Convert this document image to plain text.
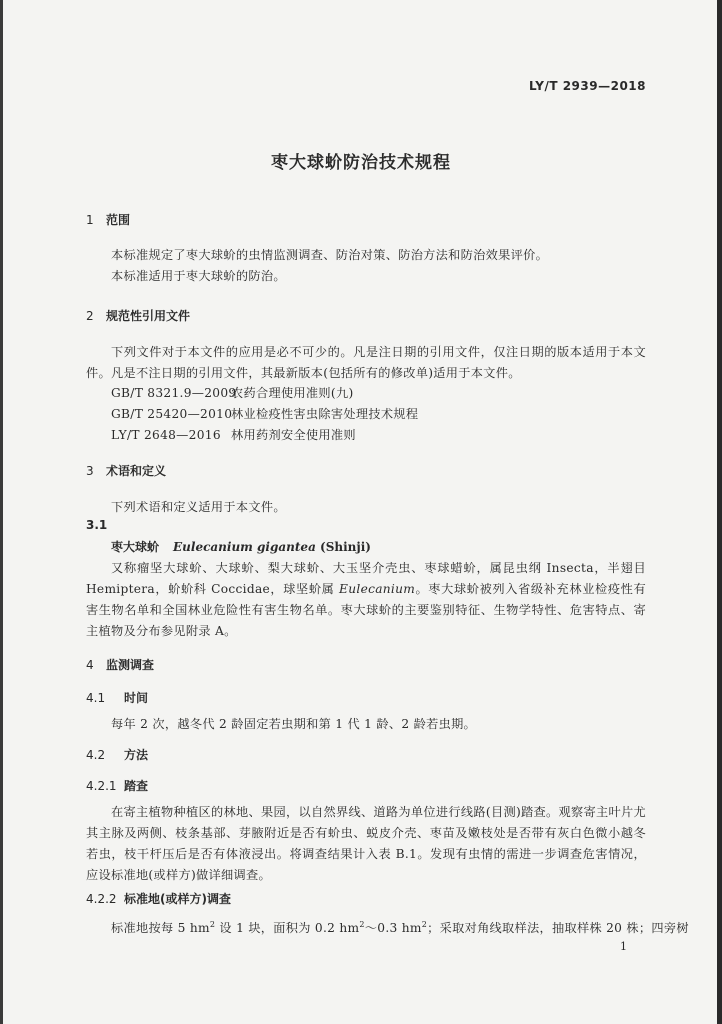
LY/T 2939—2018
枣大球蚧防治技术规程
1 范围

本标准规定了枣大球蚧的虫情监测调查、防治对策、防治方法和防治效果评价。

本标准适用于枣大球蚧的防治。

2 规范性引用文件

下列文件对于本文件的应用是必不可少的。凡是注日期的引用文件，仅注日期的版本适用于本文件。凡是不注日期的引用文件，其最新版本(包括所有的修改单)适用于本文件。

GB/T 8321.9—2009农药合理使用准则(九)
GB/T 25420—2010林业检疫性害虫除害处理技术规程
LY/T 2648—2016 林用药剂安全使用准则
3 术语和定义

下列术语和定义适用于本文件。

3.1
枣大球蚧 Eulecanium gigantea (Shinji)

又称瘤坚大球蚧、大球蚧、梨大球蚧、大玉坚介壳虫、枣球蜡蚧，属昆虫纲 Insecta，半翅目 Hemiptera，蚧蚧科 Coccidae，球坚蚧属 Eulecanium。枣大球蚧被列入省级补充林业检疫性有害生物名单和全国林业危险性有害生物名单。枣大球蚧的主要鉴别特征、生物学特性、危害特点、寄主植物及分布参见附录 A。

4 监测调查
4.1 时间

每年 2 次，越冬代 2 龄固定若虫期和第 1 代 1 龄、2 龄若虫期。

4.2 方法
4.2.1 踏查

在寄主植物种植区的林地、果园，以自然界线、道路为单位进行线路(目测)踏查。观察寄主叶片尤其主脉及两侧、枝条基部、芽腋附近是否有蚧虫、蜕皮介壳、枣苗及嫩枝处是否带有灰白色微小越冬若虫，枝干杆压后是否有体液浸出。将调查结果计入表 B.1。发现有虫情的需进一步调查危害情况，应设标准地(或样方)做详细调查。

4.2.2 标准地(或样方)调查

标准地按每 5 $hm^2$ 设 1 块，面积为 0.2 $hm^2\sim 0.3$ $hm^2$；采取对角线取样法，抽取样株 20 株；四旁树

1
